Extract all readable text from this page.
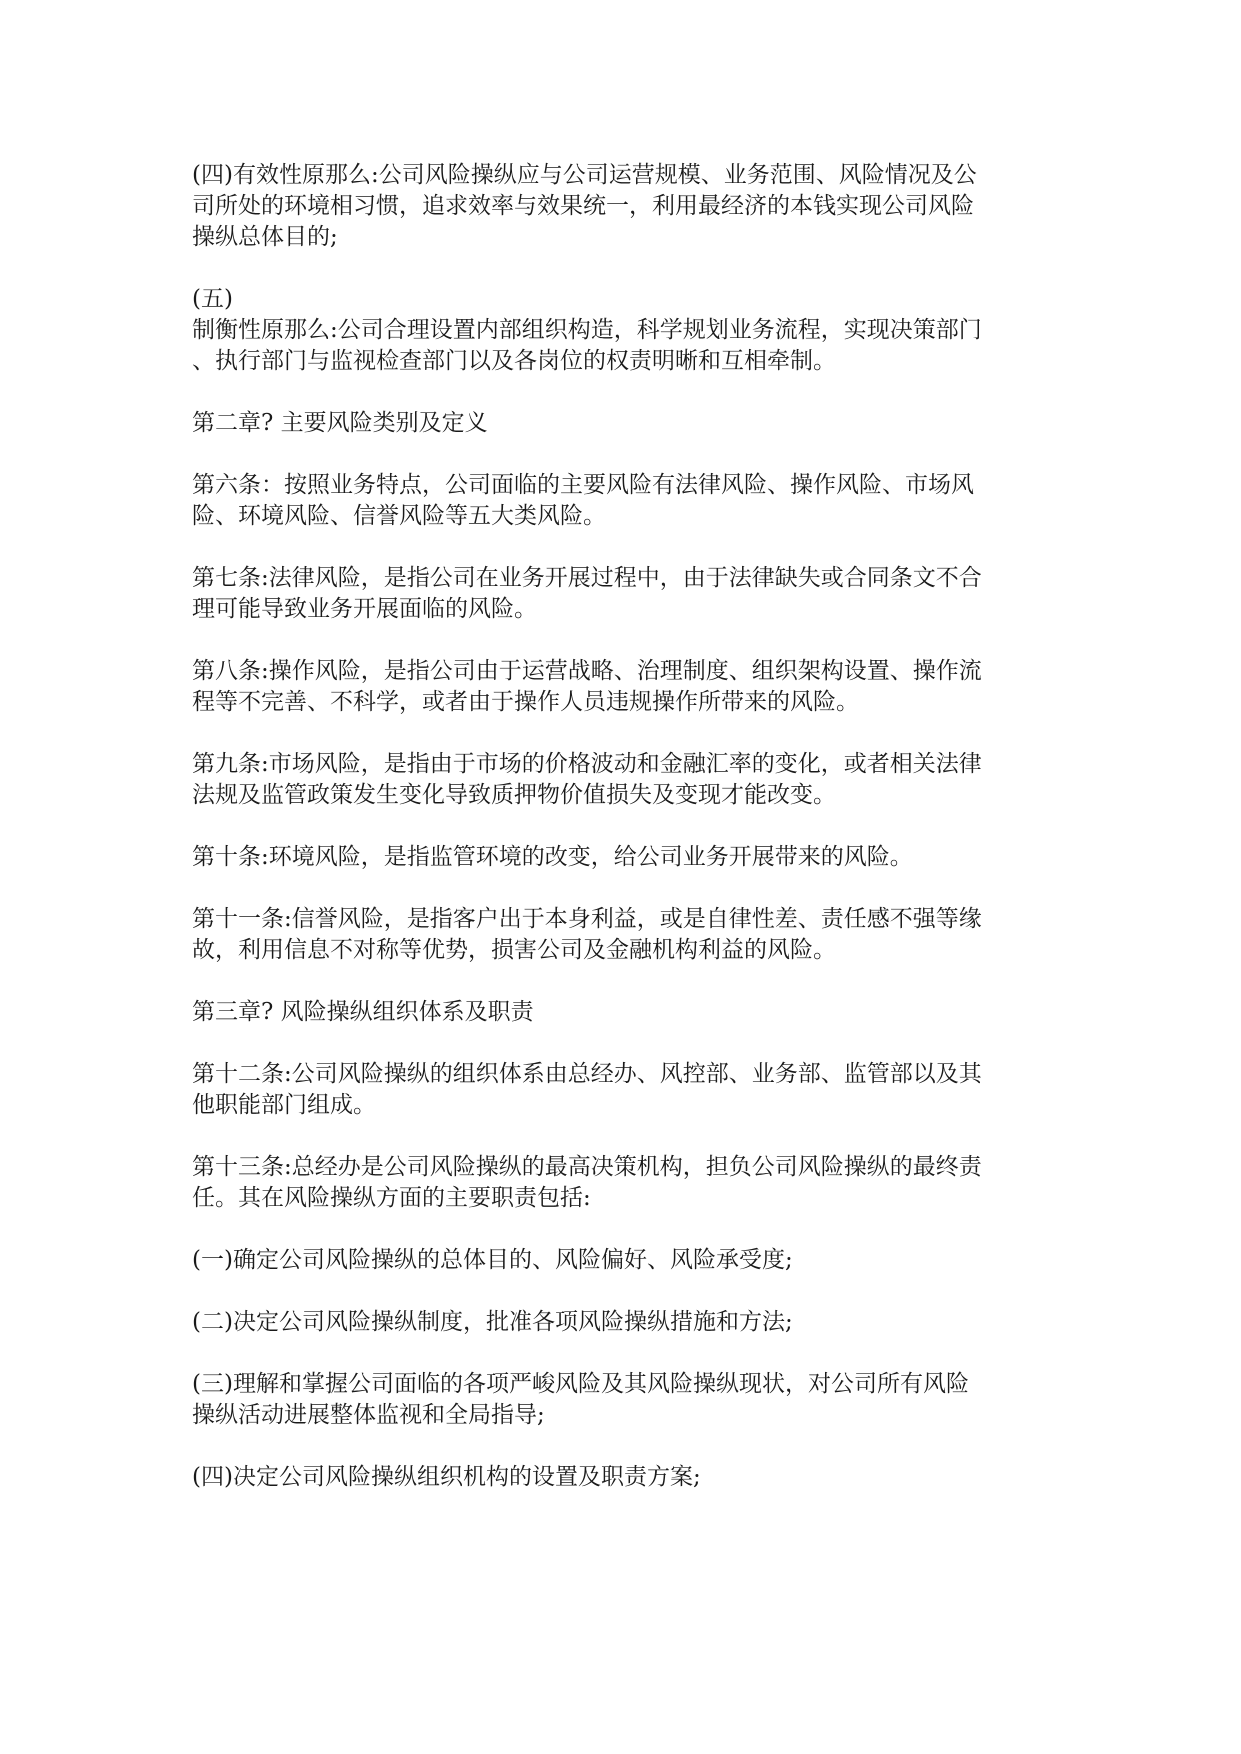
(四)有效性原那么:公司风险操纵应与公司运营规模、业务范围、风险情况及公
司所处的环境相习惯，追求效率与效果统一，利用最经济的本钱实现公司风险
操纵总体目的;

(五)
制衡性原那么:公司合理设置内部组织构造，科学规划业务流程，实现决策部门
、执行部门与监视检查部门以及各岗位的权责明晰和互相牵制。

第二章? 主要风险类别及定义

第六条：按照业务特点，公司面临的主要风险有法律风险、操作风险、市场风
险、环境风险、信誉风险等五大类风险。

第七条:法律风险，是指公司在业务开展过程中，由于法律缺失或合同条文不合
理可能导致业务开展面临的风险。

第八条:操作风险，是指公司由于运营战略、治理制度、组织架构设置、操作流
程等不完善、不科学，或者由于操作人员违规操作所带来的风险。

第九条:市场风险，是指由于市场的价格波动和金融汇率的变化，或者相关法律
法规及监管政策发生变化导致质押物价值损失及变现才能改变。

第十条:环境风险，是指监管环境的改变，给公司业务开展带来的风险。

第十一条:信誉风险，是指客户出于本身利益，或是自律性差、责任感不强等缘
故，利用信息不对称等优势，损害公司及金融机构利益的风险。

第三章? 风险操纵组织体系及职责

第十二条:公司风险操纵的组织体系由总经办、风控部、业务部、监管部以及其
他职能部门组成。

第十三条:总经办是公司风险操纵的最高决策机构，担负公司风险操纵的最终责
任。其在风险操纵方面的主要职责包括:

(一)确定公司风险操纵的总体目的、风险偏好、风险承受度;

(二)决定公司风险操纵制度，批准各项风险操纵措施和方法;

(三)理解和掌握公司面临的各项严峻风险及其风险操纵现状，对公司所有风险
操纵活动进展整体监视和全局指导;

(四)决定公司风险操纵组织机构的设置及职责方案;
